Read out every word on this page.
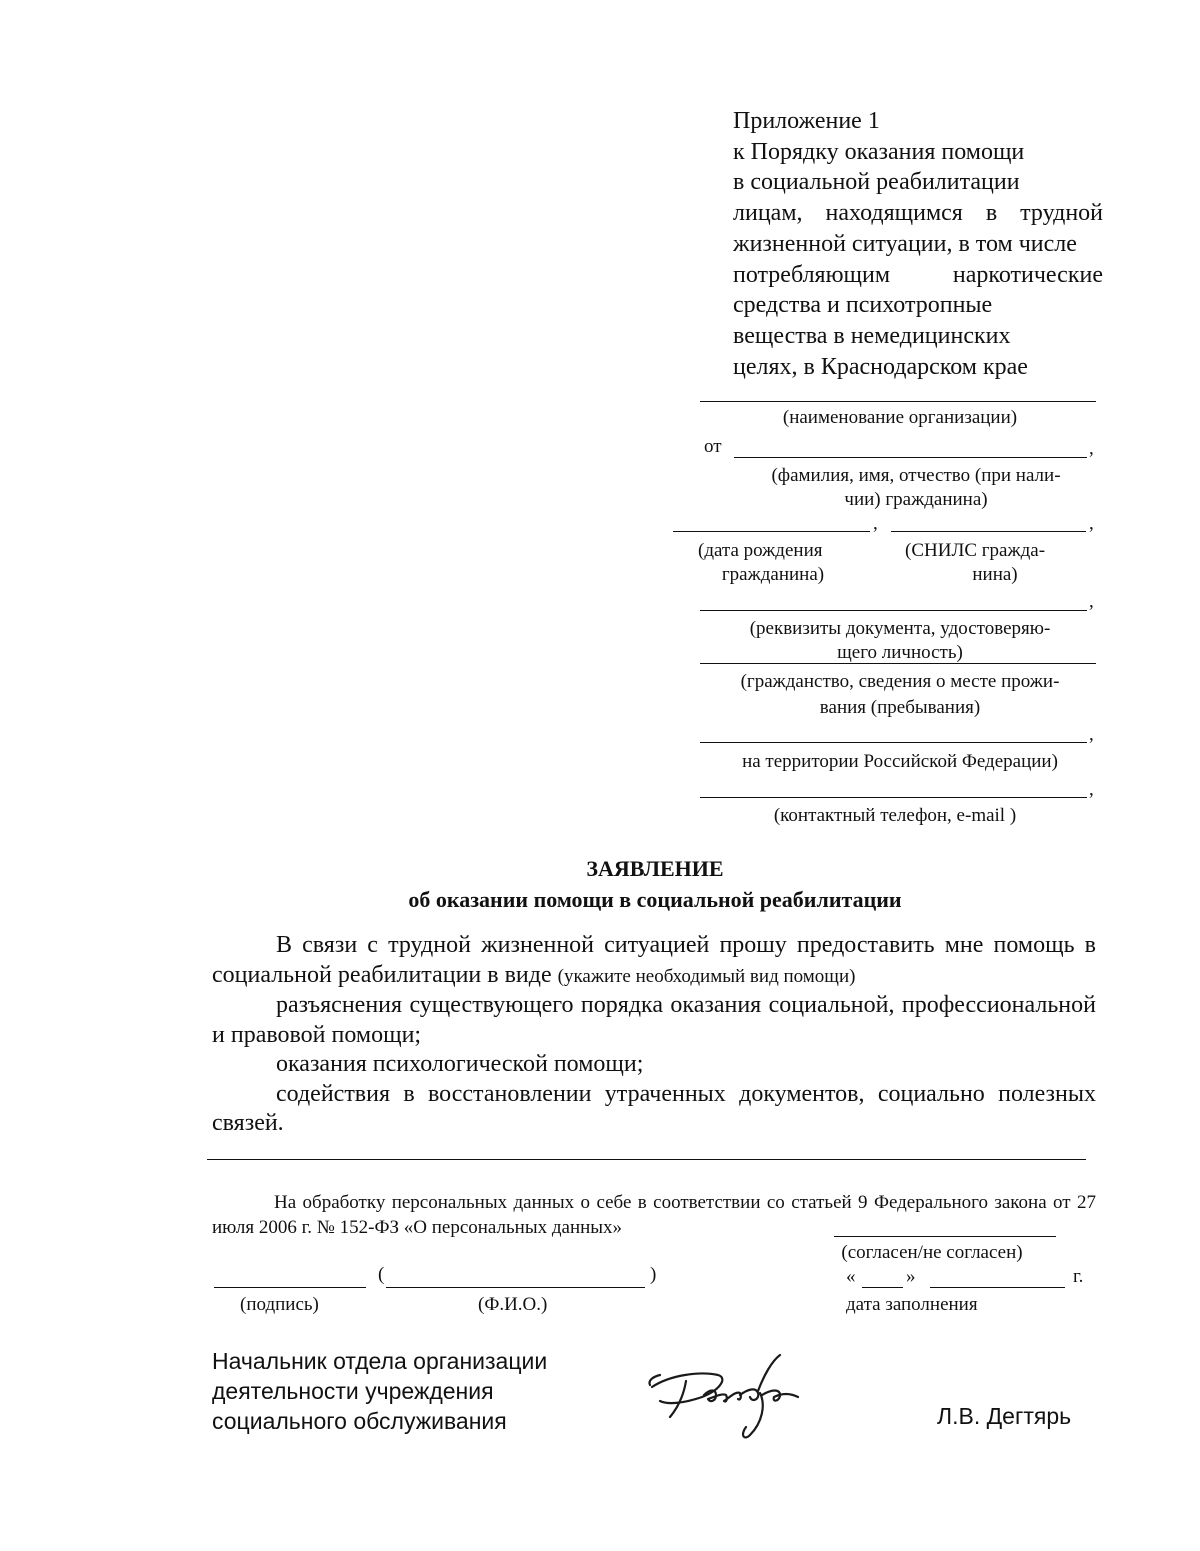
Приложение 1
к Порядку оказания помощи
в социальной реабилитации
лицам, находящимся в трудной
жизненной ситуации, в том числе
потребляющим наркотические
средства и психотропные
вещества в немедицинских
целях, в Краснодарском крае
(наименование организации)
от	,
(фамилия, имя, отчество (при нали-
чии) гражданина)
,	,
(дата рождения
гражданина)
(СНИЛС гражда-
нина)
,
(реквизиты документа, удостоверяю-
щего личность)
(гражданство, сведения о месте прожи-
вания (пребывания)
,
на территории Российской Федерации)
,
(контактный телефон, e-mail )
ЗАЯВЛЕНИЕ
об оказании помощи в социальной реабилитации

В связи с трудной жизненной ситуацией прошу предоставить мне помощь в социальной реабилитации в виде (укажите необходимый вид помощи)

разъяснения существующего порядка оказания социальной, профессиональной и правовой помощи;

оказания психологической помощи;

содействия в восстановлении утраченных документов, социально полезных связей.

На обработку персональных данных о себе в соответствии со статьей 9 Федерального закона от 27 июля 2006 г. № 152-ФЗ «О персональных данных»

(согласен/не согласен)
(	)	«	»	г.
(подпись)	(Ф.И.О.)	дата заполнения
Начальник отдела организации
деятельности учреждения
социального обслуживания	Л.В. Дегтярь
